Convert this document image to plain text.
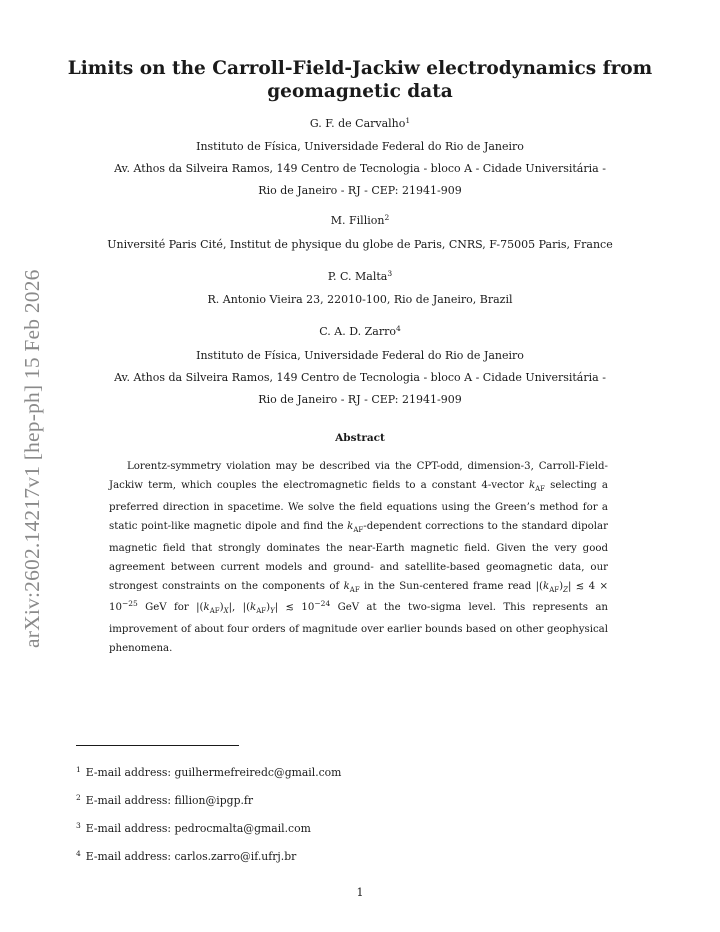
arXiv:2602.14217v1 [hep-ph] 15 Feb 2026
Limits on the Carroll-Field-Jackiw electrodynamics from
geomagnetic data
G. F. de Carvalho$^1$
Instituto de Física, Universidade Federal do Rio de Janeiro
Av. Athos da Silveira Ramos, 149 Centro de Tecnologia - bloco A - Cidade Universitária -
Rio de Janeiro - RJ - CEP: 21941-909
M. Fillion$^2$
Université Paris Cité, Institut de physique du globe de Paris, CNRS, F-75005 Paris, France
P. C. Malta$^3$
R. Antonio Vieira 23, 22010-100, Rio de Janeiro, Brazil
C. A. D. Zarro$^4$
Instituto de Física, Universidade Federal do Rio de Janeiro
Av. Athos da Silveira Ramos, 149 Centro de Tecnologia - bloco A - Cidade Universitária -
Rio de Janeiro - RJ - CEP: 21941-909
Abstract

Lorentz-symmetry violation may be described via the CPT-odd, dimension-3, Carroll-Field-Jackiw term, which couples the electromagnetic fields to a constant 4-vector $k_{AF}$ selecting a preferred direction in spacetime. We solve the field equations using the Green’s method for a static point-like magnetic dipole and find the $k_{AF}$-dependent corrections to the standard dipolar magnetic field that strongly dominates the near-Earth magnetic field. Given the very good agreement between current models and ground- and satellite-based geomagnetic data, our strongest constraints on the components of $k_{AF}$ in the Sun-centered frame read $|(k_{AF})_Z|$ ≲ $4 \times 10^{-25}$ GeV for $|(k_{AF})_X|$, $|(k_{AF})_Y|$ ≲ $10^{-24}$ GeV at the two-sigma level. This represents an improvement of about four orders of magnitude over earlier bounds based on other geophysical phenomena.

$^1$ E-mail address: guilhermefreiredc@gmail.com
$^2$ E-mail address: fillion@ipgp.fr
$^3$ E-mail address: pedrocmalta@gmail.com
$^4$ E-mail address: carlos.zarro@if.ufrj.br
1
